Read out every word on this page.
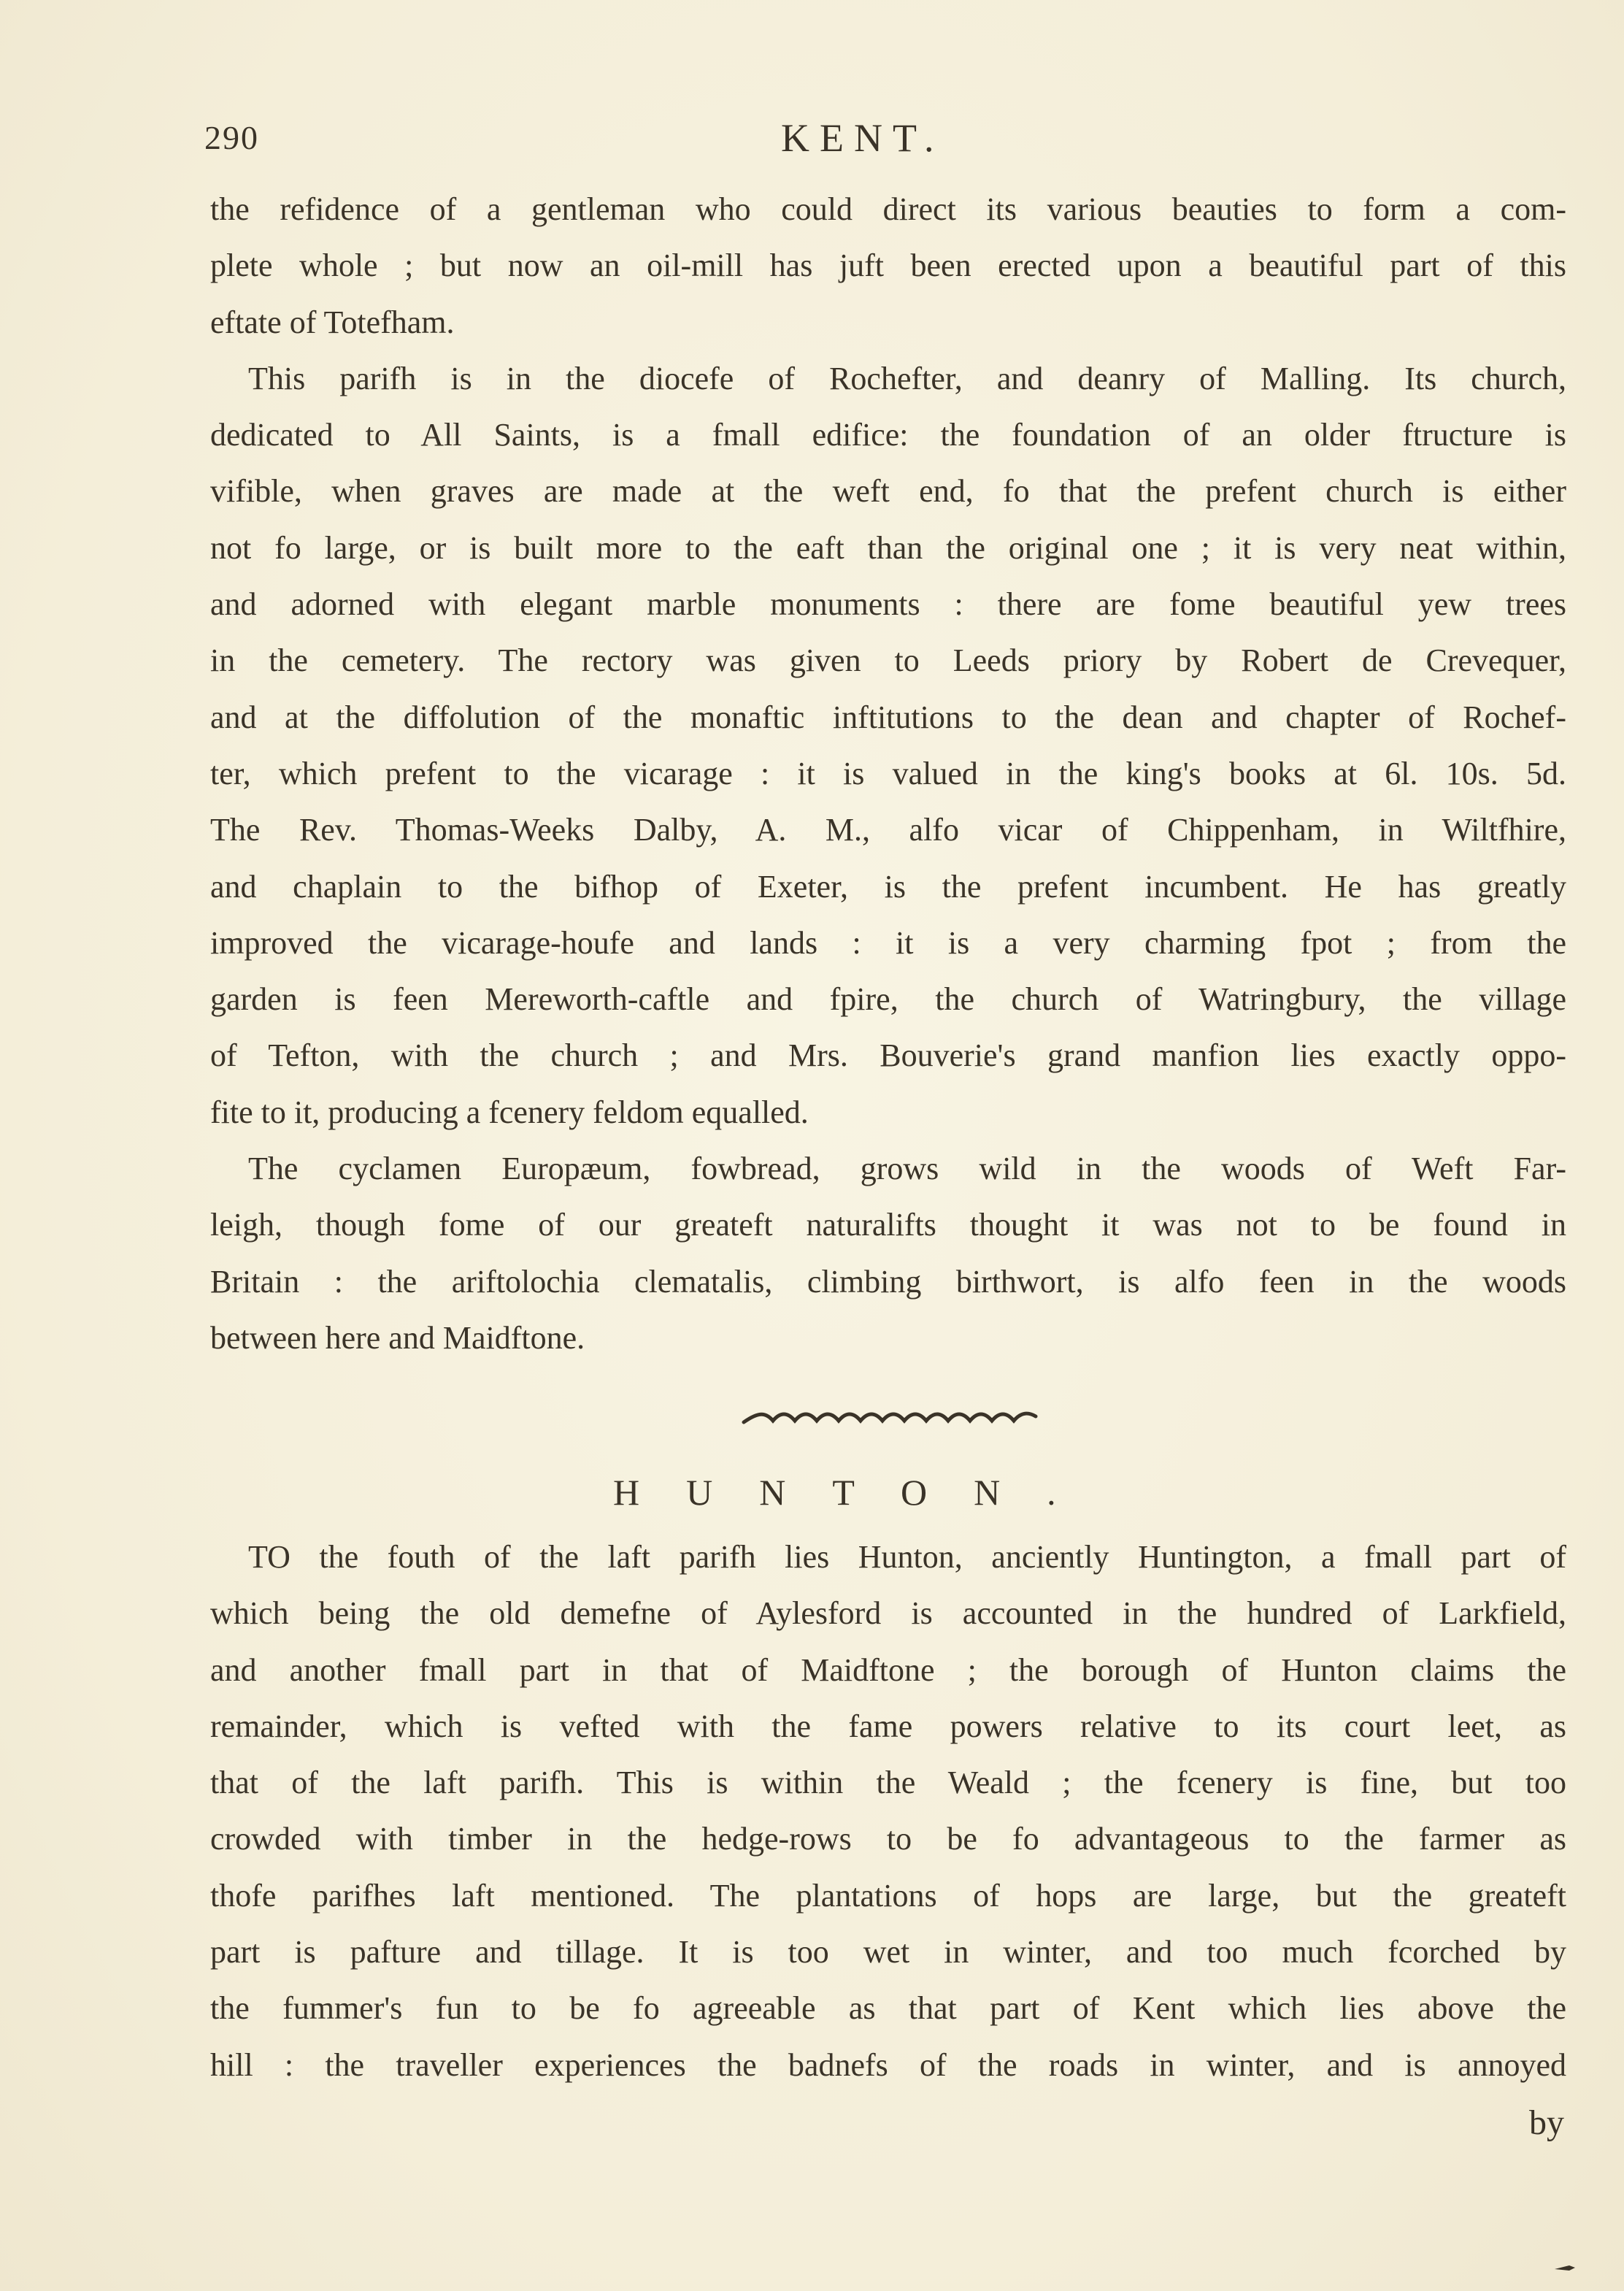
290	KENT.
the refidence of a gentleman who could direct its various beauties to form a com-
plete whole ; but now an oil-mill has juft been erected upon a beautiful part of this
eftate of Totefham.
This parifh is in the diocefe of Rochefter, and deanry of Malling. Its church,
dedicated to All Saints, is a fmall edifice: the foundation of an older ftructure is
vifible, when graves are made at the weft end, fo that the prefent church is either
not fo large, or is built more to the eaft than the original one ; it is very neat within,
and adorned with elegant marble monuments : there are fome beautiful yew trees
in the cemetery. The rectory was given to Leeds priory by Robert de Crevequer,
and at the diffolution of the monaftic inftitutions to the dean and chapter of Rochef-
ter, which prefent to the vicarage : it is valued in the king's books at 6l. 10s. 5d.
The Rev. Thomas-Weeks Dalby, A. M., alfo vicar of Chippenham, in Wiltfhire,
and chaplain to the bifhop of Exeter, is the prefent incumbent. He has greatly
improved the vicarage-houfe and lands : it is a very charming fpot ; from the
garden is feen Mereworth-caftle and fpire, the church of Watringbury, the village
of Tefton, with the church ; and Mrs. Bouverie's grand manfion lies exactly oppo-
fite to it, producing a fcenery feldom equalled.
The cyclamen Europæum, fowbread, grows wild in the woods of Weft Far-
leigh, though fome of our greateft naturalifts thought it was not to be found in
Britain : the ariftolochia clematalis, climbing birthwort, is alfo feen in the woods
between here and Maidftone.
HUNTON.
TO the fouth of the laft parifh lies Hunton, anciently Huntington, a fmall part of
which being the old demefne of Aylesford is accounted in the hundred of Larkfield,
and another fmall part in that of Maidftone ; the borough of Hunton claims the
remainder, which is vefted with the fame powers relative to its court leet, as
that of the laft parifh. This is within the Weald ; the fcenery is fine, but too
crowded with timber in the hedge-rows to be fo advantageous to the farmer as
thofe parifhes laft mentioned. The plantations of hops are large, but the greateft
part is pafture and tillage. It is too wet in winter, and too much fcorched by
the fummer's fun to be fo agreeable as that part of Kent which lies above the
hill : the traveller experiences the badnefs of the roads in winter, and is annoyed
by
